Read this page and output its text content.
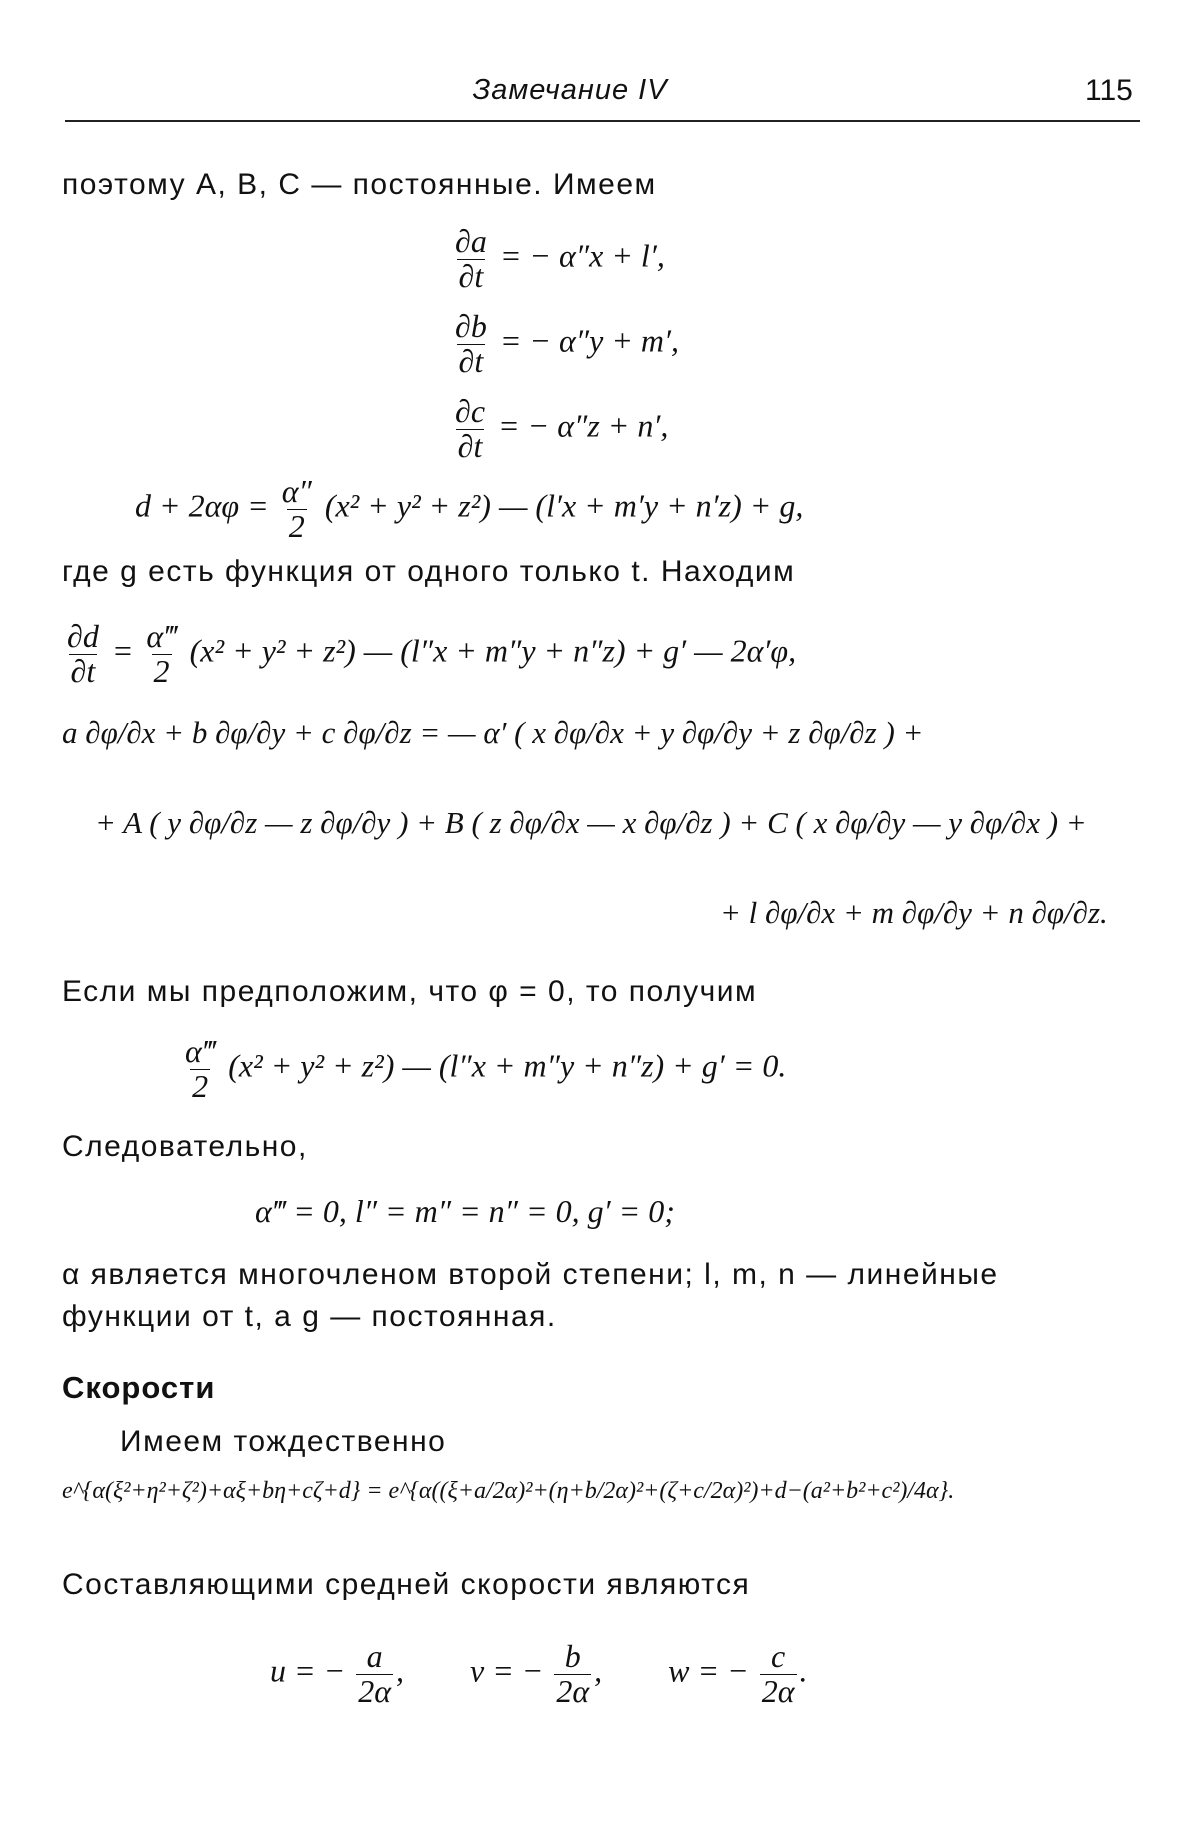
Замечание IV	115
поэтому A, B, C — постоянные. Имеем
$\frac{\partial a}{\partial t}$ = − α″x + l′,
$\frac{\partial b}{\partial t}$ = − α″y + m′,
$\frac{\partial c}{\partial t}$ = − α″z + n′,
$d + 2\alpha\varphi = \frac{\alpha''}{2} (x^2 + y^2 + z^2)$ — (l′x + m′y + n′z) + g,
где g есть функция от одного только t. Находим
$\frac{\partial d}{\partial t} = \frac{\alpha‴}{2} (x^2 + y^2 + z^2)$ — (l″x + m″y + n″z) + g′ — 2α′φ,
a ∂φ/∂x + b ∂φ/∂y + c ∂φ/∂z = — α′ ( x ∂φ/∂x + y ∂φ/∂y + z ∂φ/∂z ) +
+ A ( y ∂φ/∂z — z ∂φ/∂y ) + B ( z ∂φ/∂x — x ∂φ/∂z ) + C ( x ∂φ/∂y — y ∂φ/∂x ) +
+ l ∂φ/∂x + m ∂φ/∂y + n ∂φ/∂z.
Если мы предположим, что φ = 0, то получим
$\frac{\alpha‴}{2} (x^2 + y^2 + z^2)$ — (l″x + m″y + n″z) + g′ = 0.
Следовательно,
α‴ = 0, l″ = m″ = n″ = 0, g′ = 0;
α является многочленом второй степени; l, m, n — линейные
функции от t, а g — постоянная.
Скорости
Имеем тождественно
e^{α(ξ²+η²+ζ²)+αξ+bη+cζ+d} = e^{α((ξ+a/2α)²+(η+b/2α)²+(ζ+c/2α)²)+d−(a²+b²+c²)/4α}.
Составляющими средней скорости являются
u = − $\frac{a}{2\alpha}$ , v = − $\frac{b}{2\alpha}$ , w = − $\frac{c}{2\alpha}$ .
